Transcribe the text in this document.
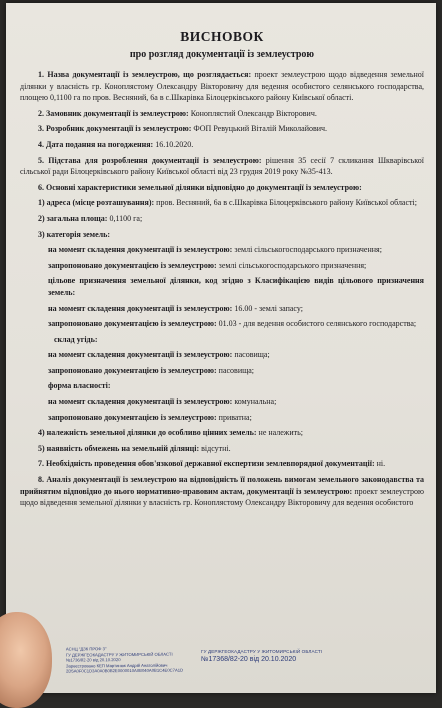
ВИСНОВОК
про розгляд документації із землеустрою

1. Назва документації із землеустрою, що розглядається: проект землеустрою щодо відведення земельної ділянки у власність гр. Коноплястому Олександру Вікторовичу для ведення особистого селянського господарства, площею 0,1100 га по пров. Весняний, 6а в с.Шкарівка Білоцерківського району Київської області.

2. Замовник документації із землеустрою: Коноплястий Олександр Вікторович.

3. Розробник документації із землеустрою: ФОП Ревуцький Віталій Миколайович.

4. Дата подання на погодження: 16.10.2020.

5. Підстава для розроблення документації із землеустрою: рішення 35 сесії 7 скликання Шкварівської сільської ради Білоцерківського району Київської області від 23 грудня 2019 року №35-413.

6. Основні характеристики земельної ділянки відповідно до документації із землеустрою:

1) адреса (місце розташування): пров. Весняний, 6а в с.Шкарівка Білоцерківського району Київської області;

2) загальна площа: 0,1100 га;

3) категорія земель:

на момент складення документації із землеустрою: землі сільськогосподарського призначення;

запропоновано документацією із землеустрою: землі сільськогосподарського призначення;

цільове призначення земельної ділянки, код згідно з Класифікацією видів цільового призначення земель:

на момент складення документації із землеустрою: 16.00 - землі запасу;

запропоновано документацією із землеустрою: 01.03 - для ведення особистого селянського господарства;

склад угідь:

на момент складення документації із землеустрою: пасовища;

запропоновано документацією із землеустрою: пасовища;

форма власності:

на момент складення документації із землеустрою: комунальна;

запропоновано документацією із землеустрою: приватна;

4) належність земельної ділянки до особливо цінних земель: не належить;

5) наявність обмежень на земельній ділянці: відсутні.

7. Необхідність проведення обов'язкової державної експертизи землевпорядної документації: ні.

8. Аналіз документації із землеустрою на відповідність її положень вимогам земельного законодавства та прийнятим відповідно до нього нормативно-правовим актам, документації із землеустрою: проект землеустрою щодо відведення земельної ділянки у власність гр. Коноплястому Олександру Вікторовичу для ведення особистого

АСНЦ "ДЗК ПРОФ 3"
ГУ ДЕРЖГЕОКАДАСТРУ У ЖИТОМИРСЬКІЙ ОБЛАСТІ
№1736/82-20 від 20.10.2020
Зареєстровано КЕП Мартинюк Андрій Анатолійович
2D5A0F0C1D3A0A0B0B2E0000010A0B040A0B1C4E0C7A1D
ГУ ДЕРЖГЕОКАДАСТРУ У ЖИТОМИРСЬКІЙ ОБЛАСТІ
№17368/82-20 від 20.10.2020
